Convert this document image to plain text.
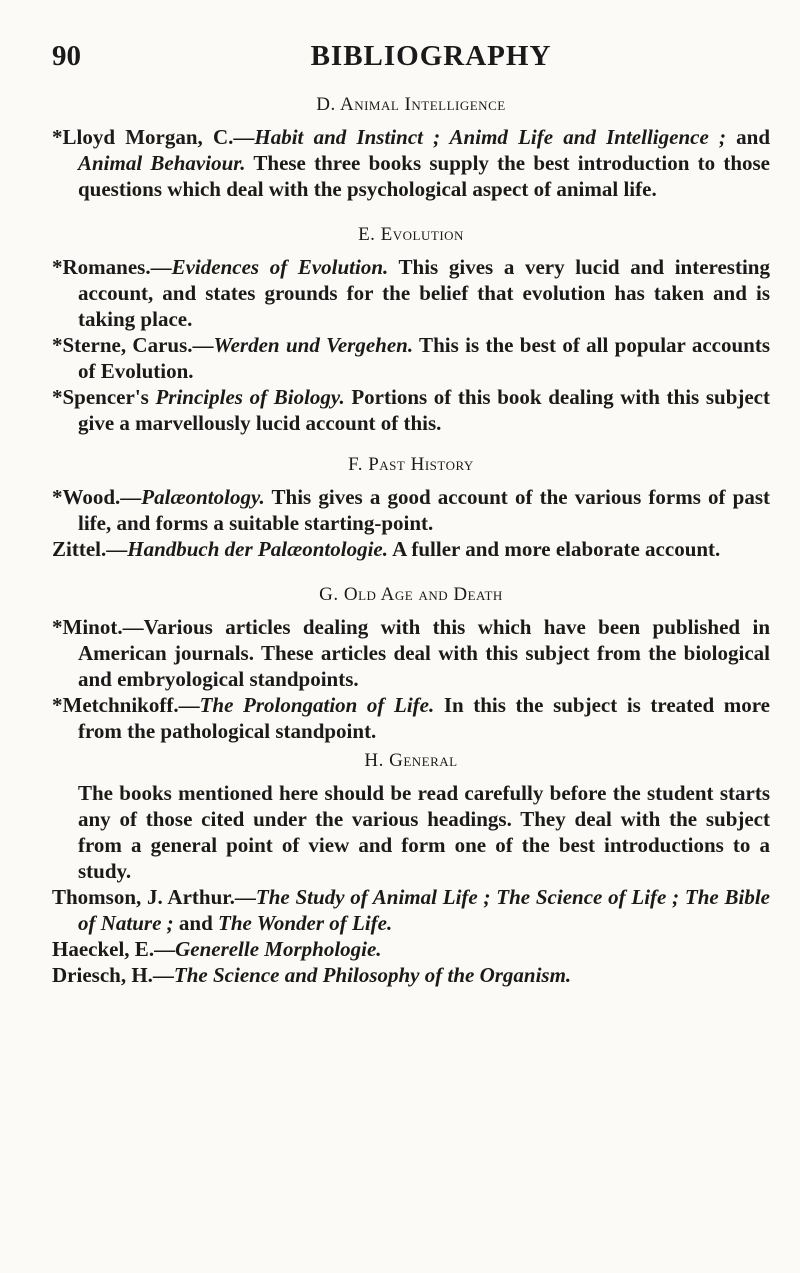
90	BIBLIOGRAPHY
D. Animal Intelligence

*Lloyd Morgan, C.—Habit and Instinct ; Animd Life and Intelligence ; and Animal Behaviour. These three books supply the best introduction to those questions which deal with the psychological aspect of animal life.

E. Evolution

*Romanes.—Evidences of Evolution. This gives a very lucid and interesting account, and states grounds for the belief that evolution has taken and is taking place.

*Sterne, Carus.—Werden und Vergehen. This is the best of all popular accounts of Evolution.

*Spencer's Principles of Biology. Portions of this book dealing with this subject give a marvellously lucid account of this.

F. Past History

*Wood.—Palæontology. This gives a good account of the various forms of past life, and forms a suitable starting-point.

Zittel.—Handbuch der Palæontologie. A fuller and more elaborate account.

G. Old Age and Death

*Minot.—Various articles dealing with this which have been published in American journals. These articles deal with this subject from the biological and embryological standpoints.

*Metchnikoff.—The Prolongation of Life. In this the subject is treated more from the pathological standpoint.

H. General

The books mentioned here should be read carefully before the student starts any of those cited under the various headings. They deal with the subject from a general point of view and form one of the best introductions to a study.

Thomson, J. Arthur.—The Study of Animal Life ; The Science of Life ; The Bible of Nature ; and The Wonder of Life.

Haeckel, E.—Generelle Morphologie.

Driesch, H.—The Science and Philosophy of the Organism.
